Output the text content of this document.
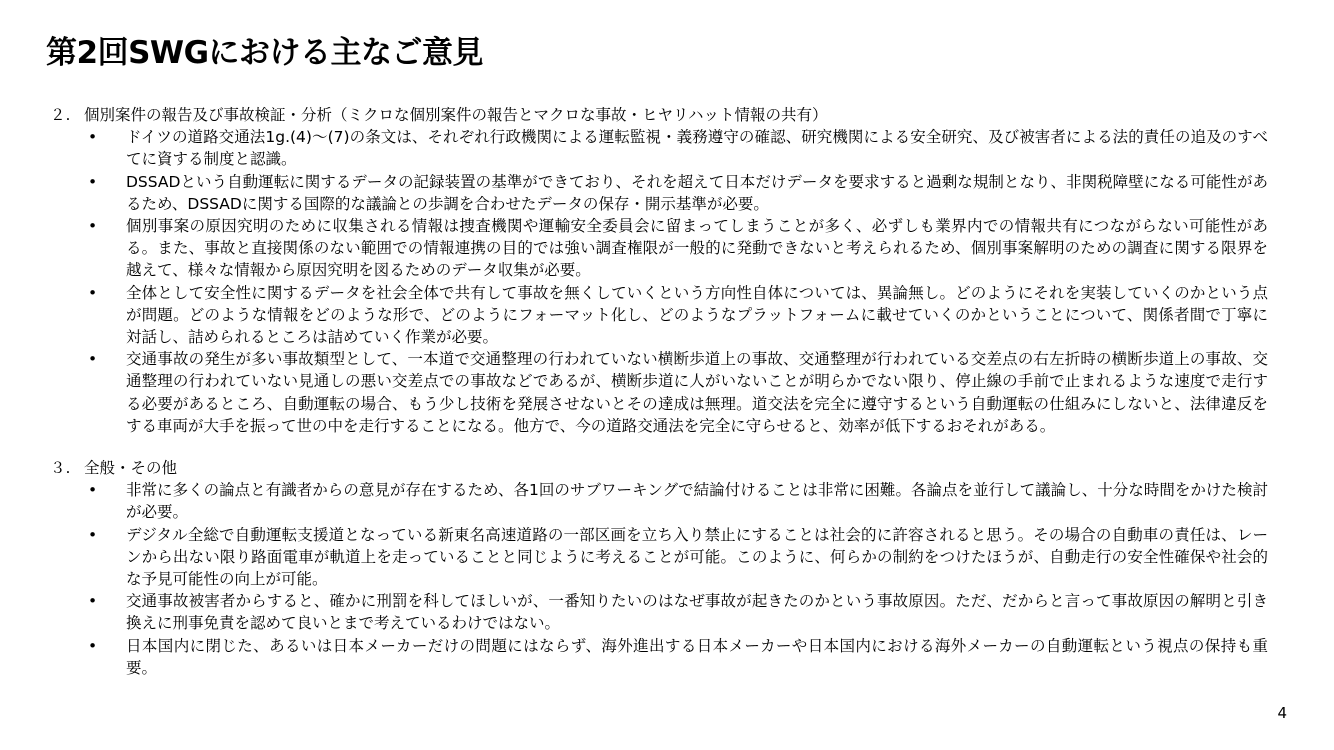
第2回SWGにおける主なご意見
２. 個別案件の報告及び事故検証・分析（ミクロな個別案件の報告とマクロな事故・ヒヤリハット情報の共有）
•	ドイツの道路交通法1g.(4)～(7)の条文は、それぞれ行政機関による運転監視・義務遵守の確認、研究機関による安全研究、及び被害者による法的責任の追及のすべてに資する制度と認識。
•	DSSADという自動運転に関するデータの記録装置の基準ができており、それを超えて日本だけデータを要求すると過剰な規制となり、非関税障壁になる可能性があるため、DSSADに関する国際的な議論との歩調を合わせたデータの保存・開示基準が必要。
•	個別事案の原因究明のために収集される情報は捜査機関や運輸安全委員会に留まってしまうことが多く、必ずしも業界内での情報共有につながらない可能性がある。また、事故と直接関係のない範囲での情報連携の目的では強い調査権限が一般的に発動できないと考えられるため、個別事案解明のための調査に関する限界を越えて、様々な情報から原因究明を図るためのデータ収集が必要。
•	全体として安全性に関するデータを社会全体で共有して事故を無くしていくという方向性自体については、異論無し。どのようにそれを実装していくのかという点が問題。どのような情報をどのような形で、どのようにフォーマット化し、どのようなプラットフォームに載せていくのかということについて、関係者間で丁寧に対話し、詰められるところは詰めていく作業が必要。
•	交通事故の発生が多い事故類型として、一本道で交通整理の行われていない横断歩道上の事故、交通整理が行われている交差点の右左折時の横断歩道上の事故、交通整理の行われていない見通しの悪い交差点での事故などであるが、横断歩道に人がいないことが明らかでない限り、停止線の手前で止まれるような速度で走行する必要があるところ、自動運転の場合、もう少し技術を発展させないとその達成は無理。道交法を完全に遵守するという自動運転の仕組みにしないと、法律違反をする車両が大手を振って世の中を走行することになる。他方で、今の道路交通法を完全に守らせると、効率が低下するおそれがある。
３. 全般・その他
•	非常に多くの論点と有識者からの意見が存在するため、各1回のサブワーキングで結論付けることは非常に困難。各論点を並行して議論し、十分な時間をかけた検討が必要。
•	デジタル全総で自動運転支援道となっている新東名高速道路の一部区画を立ち入り禁止にすることは社会的に許容されると思う。その場合の自動車の責任は、レーンから出ない限り路面電車が軌道上を走っていることと同じように考えることが可能。このように、何らかの制約をつけたほうが、自動走行の安全性確保や社会的な予見可能性の向上が可能。
•	交通事故被害者からすると、確かに刑罰を科してほしいが、一番知りたいのはなぜ事故が起きたのかという事故原因。ただ、だからと言って事故原因の解明と引き換えに刑事免責を認めて良いとまで考えているわけではない。
•	日本国内に閉じた、あるいは日本メーカーだけの問題にはならず、海外進出する日本メーカーや日本国内における海外メーカーの自動運転という視点の保持も重要。
4
